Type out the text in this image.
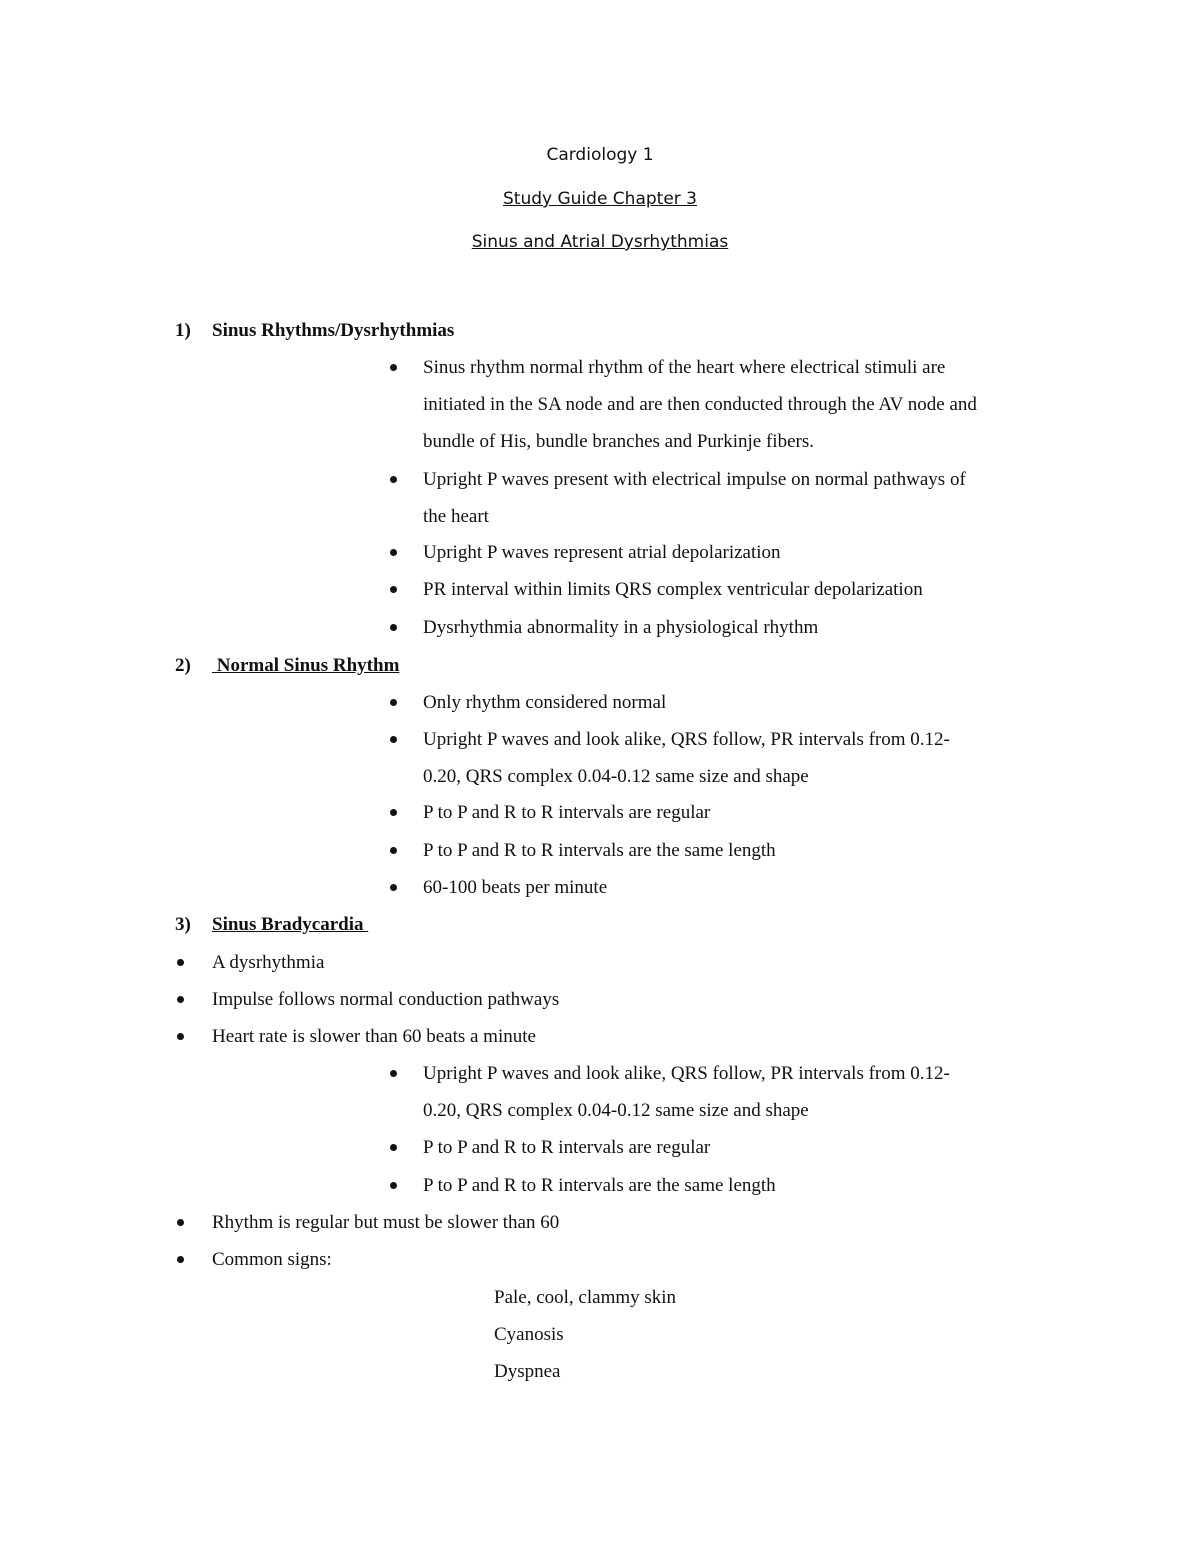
Cardiology 1
Study Guide Chapter 3
Sinus and Atrial Dysrhythmias
1) Sinus Rhythms/Dysrhythmias
Sinus rhythm normal rhythm of the heart where electrical stimuli are
initiated in the SA node and are then conducted through the AV node and
bundle of His, bundle branches and Purkinje fibers.
Upright P waves present with electrical impulse on normal pathways of
the heart
Upright P waves represent atrial depolarization
PR interval within limits QRS complex ventricular depolarization
Dysrhythmia abnormality in a physiological rhythm
2) Normal Sinus Rhythm
Only rhythm considered normal
Upright P waves and look alike, QRS follow, PR intervals from 0.12-
0.20, QRS complex 0.04-0.12 same size and shape
P to P and R to R intervals are regular
P to P and R to R intervals are the same length
60-100 beats per minute
3) Sinus Bradycardia
A dysrhythmia
Impulse follows normal conduction pathways
Heart rate is slower than 60 beats a minute
Upright P waves and look alike, QRS follow, PR intervals from 0.12-
0.20, QRS complex 0.04-0.12 same size and shape
P to P and R to R intervals are regular
P to P and R to R intervals are the same length
Rhythm is regular but must be slower than 60
Common signs:
Pale, cool, clammy skin
Cyanosis
Dyspnea
